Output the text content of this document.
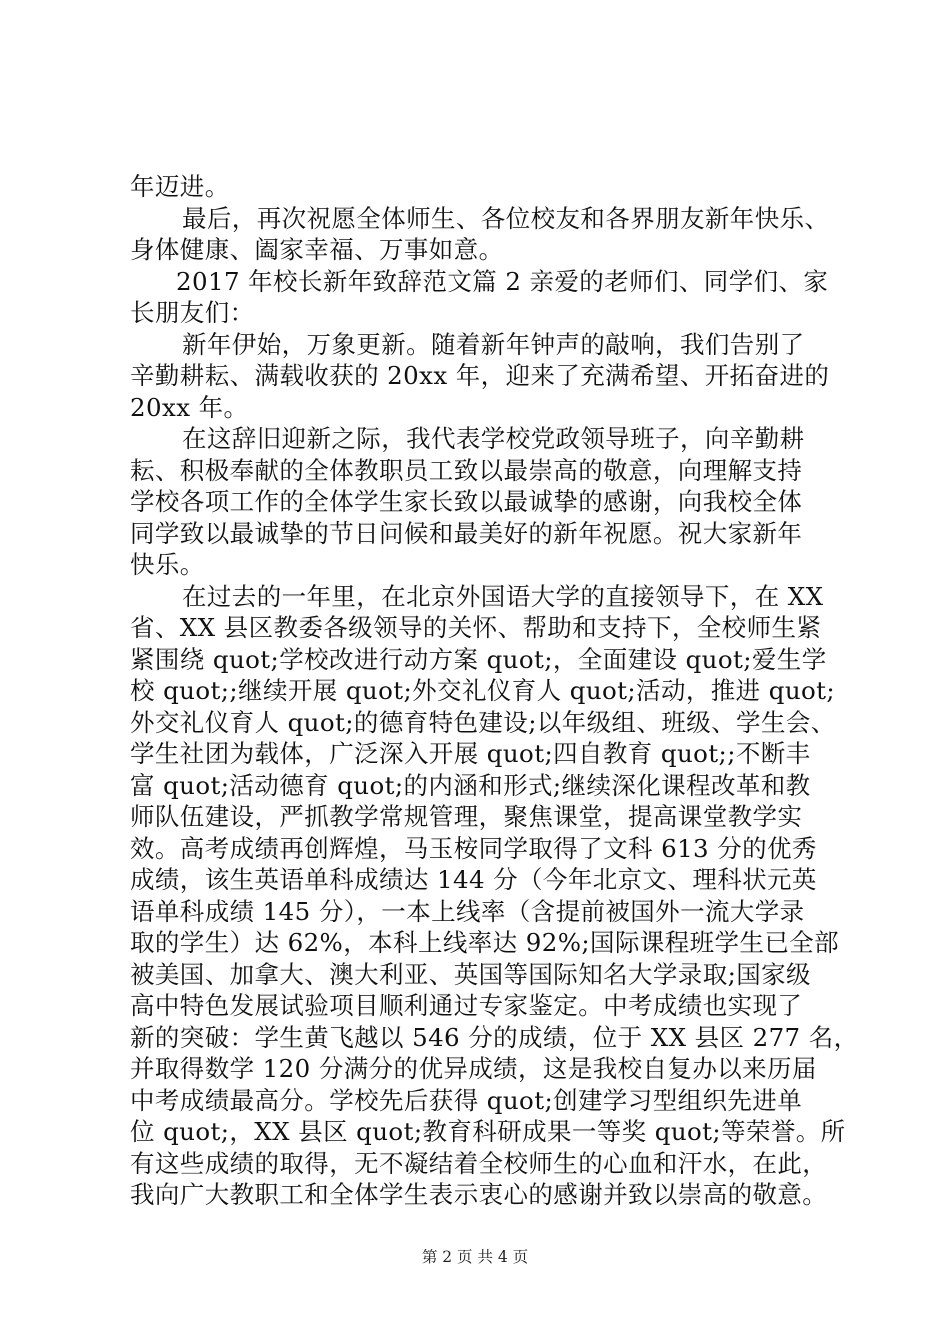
年迈进。
最后，再次祝愿全体师生、各位校友和各界朋友新年快乐、
身体健康、阖家幸福、万事如意。
2017 年校长新年致辞范文篇 2 亲爱的老师们、同学们、家
长朋友们：
新年伊始，万象更新。随着新年钟声的敲响，我们告别了
辛勤耕耘、满载收获的 20xx 年，迎来了充满希望、开拓奋进的
20xx 年。
在这辞旧迎新之际，我代表学校党政领导班子，向辛勤耕
耘、积极奉献的全体教职员工致以最崇高的敬意，向理解支持
学校各项工作的全体学生家长致以最诚挚的感谢，向我校全体
同学致以最诚挚的节日问候和最美好的新年祝愿。祝大家新年
快乐。
在过去的一年里，在北京外国语大学的直接领导下，在 XX
省、XX 县区教委各级领导的关怀、帮助和支持下，全校师生紧
紧围绕 quot;学校改进行动方案 quot;，全面建设 quot;爱生学
校 quot;;继续开展 quot;外交礼仪育人 quot;活动，推进 quot;
外交礼仪育人 quot;的德育特色建设;以年级组、班级、学生会、
学生社团为载体，广泛深入开展 quot;四自教育 quot;;不断丰
富 quot;活动德育 quot;的内涵和形式;继续深化课程改革和教
师队伍建设，严抓教学常规管理，聚焦课堂，提高课堂教学实
效。高考成绩再创辉煌，马玉桉同学取得了文科 613 分的优秀
成绩，该生英语单科成绩达 144 分（今年北京文、理科状元英
语单科成绩 145 分），一本上线率（含提前被国外一流大学录
取的学生）达 62%，本科上线率达 92%;国际课程班学生已全部
被美国、加拿大、澳大利亚、英国等国际知名大学录取;国家级
高中特色发展试验项目顺利通过专家鉴定。中考成绩也实现了
新的突破：学生黄飞越以 546 分的成绩，位于 XX 县区 277 名，
并取得数学 120 分满分的优异成绩，这是我校自复办以来历届
中考成绩最高分。学校先后获得 quot;创建学习型组织先进单
位 quot;，XX 县区 quot;教育科研成果一等奖 quot;等荣誉。所
有这些成绩的取得，无不凝结着全校师生的心血和汗水，在此，
我向广大教职工和全体学生表示衷心的感谢并致以崇高的敬意。
第 2 页 共 4 页
